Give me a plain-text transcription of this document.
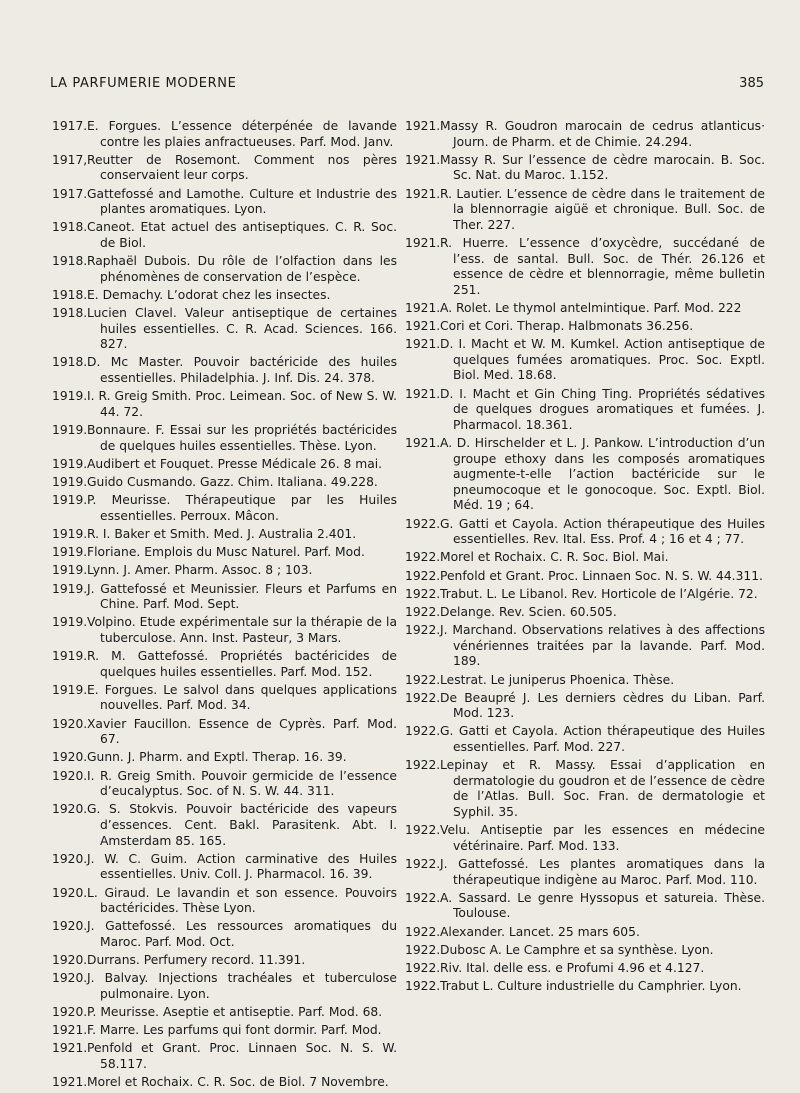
LA PARFUMERIE MODERNE	385

1917.E. Forgues. L’essence déterpénée de lavande contre les plaies anfractueuses. Parf. Mod. Janv.

1917,Reutter de Rosemont. Comment nos pères conservaient leur corps.

1917.Gattefossé and Lamothe. Culture et Industrie des plantes aromatiques. Lyon.

1918.Caneot. Etat actuel des antiseptiques. C. R. Soc. de Biol.

1918.Raphaël Dubois. Du rôle de l’olfaction dans les phénomènes de conservation de l’espèce.

1918.E. Demachy. L’odorat chez les insectes.

1918.Lucien Clavel. Valeur antiseptique de certaines huiles essentielles. C. R. Acad. Sciences. 166. 827.

1918.D. Mc Master. Pouvoir bactéricide des huiles essentielles. Philadelphia. J. Inf. Dis. 24. 378.

1919.I. R. Greig Smith. Proc. Leimean. Soc. of New S. W. 44. 72.

1919.Bonnaure. F. Essai sur les propriétés bactéricides de quelques huiles essentielles. Thèse. Lyon.

1919.Audibert et Fouquet. Presse Médicale 26. 8 mai.

1919.Guido Cusmando. Gazz. Chim. Italiana. 49.228.

1919.P. Meurisse. Thérapeutique par les Huiles essentielles. Perroux. Mâcon.

1919.R. I. Baker et Smith. Med. J. Australia 2.401.

1919.Floriane. Emplois du Musc Naturel. Parf. Mod.

1919.Lynn. J. Amer. Pharm. Assoc. 8 ; 103.

1919.J. Gattefossé et Meunissier. Fleurs et Parfums en Chine. Parf. Mod. Sept.

1919.Volpino. Etude expérimentale sur la thérapie de la tuberculose. Ann. Inst. Pasteur, 3 Mars.

1919.R. M. Gattefossé. Propriétés bactéricides de quelques huiles essentielles. Parf. Mod. 152.

1919.E. Forgues. Le salvol dans quelques applications nouvelles. Parf. Mod. 34.

1920.Xavier Faucillon. Essence de Cyprès. Parf. Mod. 67.

1920.Gunn. J. Pharm. and Exptl. Therap. 16. 39.

1920.I. R. Greig Smith. Pouvoir germicide de l’essence d’eucalyptus. Soc. of N. S. W. 44. 311.

1920.G. S. Stokvis. Pouvoir bactéricide des vapeurs d’essences. Cent. Bakl. Parasitenk. Abt. I. Amsterdam 85. 165.

1920.J. W. C. Guim. Action carminative des Huiles essentielles. Univ. Coll. J. Pharmacol. 16. 39.

1920.L. Giraud. Le lavandin et son essence. Pouvoirs bactéricides. Thèse Lyon.

1920.J. Gattefossé. Les ressources aromatiques du Maroc. Parf. Mod. Oct.

1920.Durrans. Perfumery record. 11.391.

1920.J. Balvay. Injections trachéales et tuberculose pulmonaire. Lyon.

1920.P. Meurisse. Aseptie et antiseptie. Parf. Mod. 68.

1921.F. Marre. Les parfums qui font dormir. Parf. Mod.

1921.Penfold et Grant. Proc. Linnaen Soc. N. S. W. 58.117.

1921.Morel et Rochaix. C. R. Soc. de Biol. 7 Novembre.

1921.Massy R. Goudron marocain de cedrus atlanticus· Journ. de Pharm. et de Chimie. 24.294.

1921.Massy R. Sur l’essence de cèdre marocain. B. Soc. Sc. Nat. du Maroc. 1.152.

1921.R. Lautier. L’essence de cèdre dans le traitement de la blennorragie aigüë et chronique. Bull. Soc. de Ther. 227.

1921.R. Huerre. L’essence d’oxycèdre, succédané de l’ess. de santal. Bull. Soc. de Thér. 26.126 et essence de cèdre et blennorragie, même bulletin 251.

1921.A. Rolet. Le thymol antelmintique. Parf. Mod. 222

1921.Cori et Cori. Therap. Halbmonats 36.256.

1921.D. I. Macht et W. M. Kumkel. Action antiseptique de quelques fumées aromatiques. Proc. Soc. Exptl. Biol. Med. 18.68.

1921.D. I. Macht et Gin Ching Ting. Propriétés sédatives de quelques drogues aromatiques et fumées. J. Pharmacol. 18.361.

1921.A. D. Hirschelder et L. J. Pankow. L’introduction d’un groupe ethoxy dans les composés aromatiques augmente-t-elle l’action bactéricide sur le pneumocoque et le gonocoque. Soc. Exptl. Biol. Méd. 19 ; 64.

1922.G. Gatti et Cayola. Action thérapeutique des Huiles essentielles. Rev. Ital. Ess. Prof. 4 ; 16 et 4 ; 77.

1922.Morel et Rochaix. C. R. Soc. Biol. Mai.

1922.Penfold et Grant. Proc. Linnaen Soc. N. S. W. 44.311.

1922.Trabut. L. Le Libanol. Rev. Horticole de l’Algérie. 72.

1922.Delange. Rev. Scien. 60.505.

1922.J. Marchand. Observations relatives à des affections vénériennes traitées par la lavande. Parf. Mod. 189.

1922.Lestrat. Le juniperus Phoenica. Thèse.

1922.De Beaupré J. Les derniers cèdres du Liban. Parf. Mod. 123.

1922.G. Gatti et Cayola. Action thérapeutique des Huiles essentielles. Parf. Mod. 227.

1922.Lepinay et R. Massy. Essai d’application en dermatologie du goudron et de l’essence de cèdre de l’Atlas. Bull. Soc. Fran. de dermatologie et Syphil. 35.

1922.Velu. Antiseptie par les essences en médecine vétérinaire. Parf. Mod. 133.

1922.J. Gattefossé. Les plantes aromatiques dans la thérapeutique indigène au Maroc. Parf. Mod. 110.

1922.A. Sassard. Le genre Hyssopus et satureia. Thèse. Toulouse.

1922.Alexander. Lancet. 25 mars 605.

1922.Dubosc A. Le Camphre et sa synthèse. Lyon.

1922.Riv. Ital. delle ess. e Profumi 4.96 et 4.127.

1922.Trabut L. Culture industrielle du Camphrier. Lyon.
